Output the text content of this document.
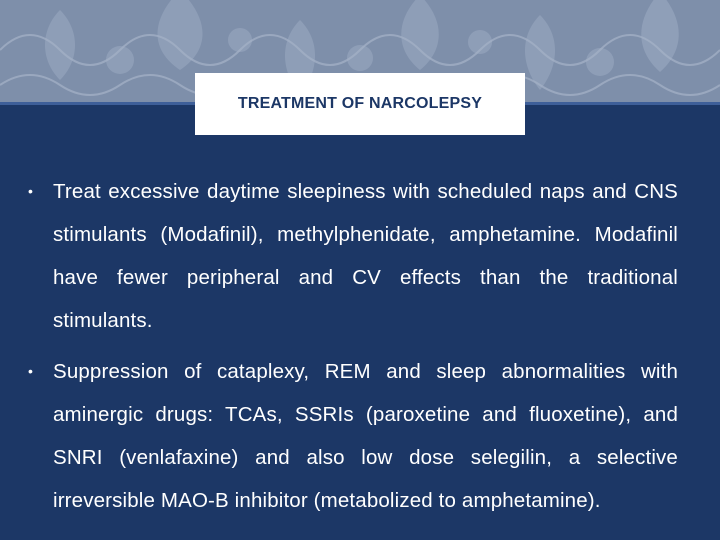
TREATMENT OF NARCOLEPSY
• Treat excessive daytime sleepiness with scheduled naps and CNS stimulants (Modafinil), methylphenidate, amphetamine. Modafinil have fewer peripheral and CV effects than the traditional stimulants.
• Suppression of cataplexy, REM and sleep abnormalities with aminergic drugs: TCAs, SSRIs (paroxetine and fluoxetine), and SNRI (venlafaxine) and also low dose selegilin, a selective irreversible MAO-B inhibitor (metabolized to amphetamine).
